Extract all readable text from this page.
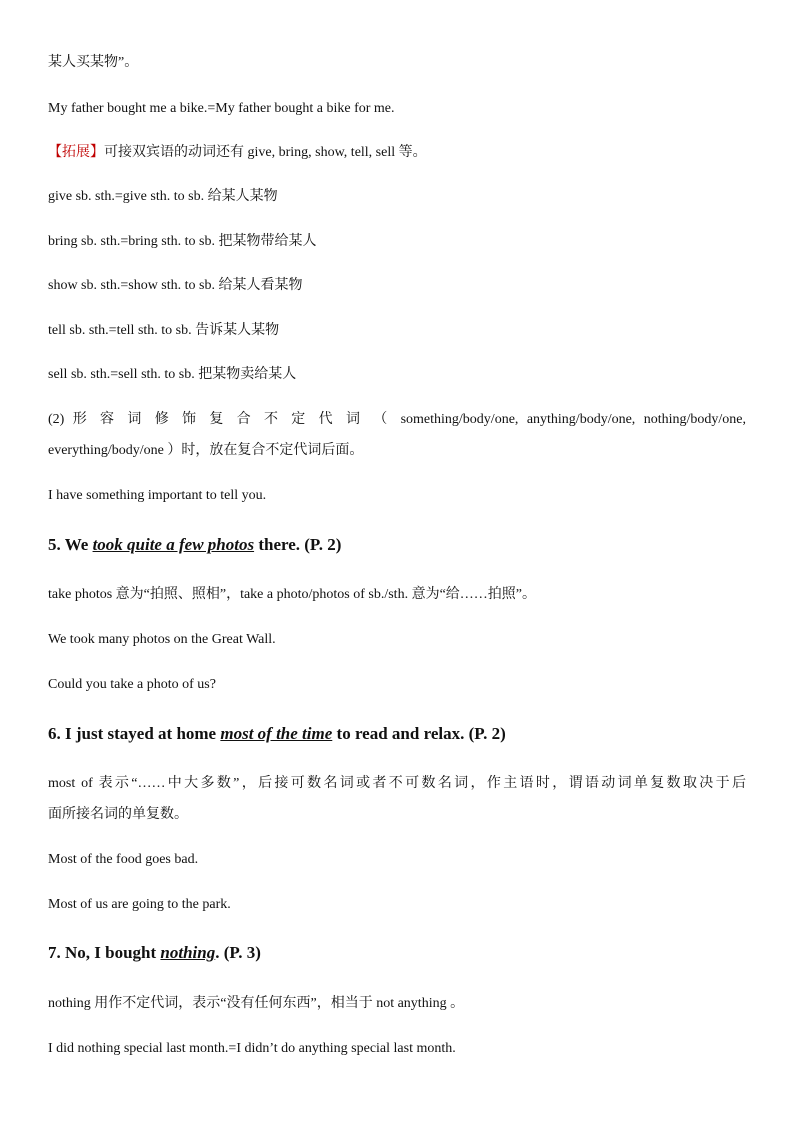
某人买某物”。
My father bought me a bike.=My father bought a bike for me.
【拓展】可接双宾语的动词还有 give, bring, show, tell, sell 等。
give sb. sth.=give sth. to sb. 给某人某物
bring sb. sth.=bring sth. to sb. 把某物带给某人
show sb. sth.=show sth. to sb. 给某人看某物
tell sb. sth.=tell sth. to sb. 告诉某人某物
sell sb. sth.=sell sth. to sb. 把某物卖给某人
(2) 形 容 词 修 饰 复 合 不 定 代 词 （ something/body/one, anything/body/one, nothing/body/one,
everything/body/one ）时，放在复合不定代词后面。
I have something important to tell you.
5. We took quite a few photos there. (P. 2)
take photos 意为“拍照、照相”，take a photo/photos of sb./sth. 意为“给……拍照”。
We took many photos on the Great Wall.
Could you take a photo of us?
6. I just stayed at home most of the time to read and relax. (P. 2)
most of 表示“……中大多数”，后接可数名词或者不可数名词，作主语时，谓语动词单复数取决于后
面所接名词的单复数。
Most of the food goes bad.
Most of us are going to the park.
7. No, I bought nothing. (P. 3)
nothing 用作不定代词，表示“没有任何东西”，相当于 not anything 。
I did nothing special last month.=I didn’t do anything special last month.
